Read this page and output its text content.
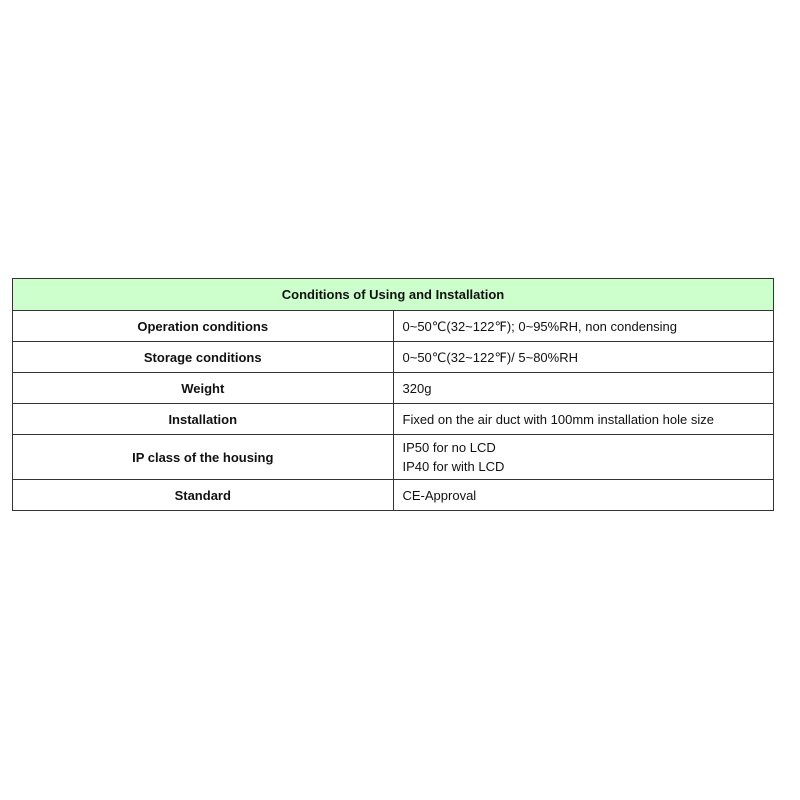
Conditions of Using and Installation	
Operation conditions	0~50℃(32~122℉); 0~95%RH, non condensing
Storage conditions	0~50℃(32~122℉)/ 5~80%RH
Weight	320g
Installation	Fixed on the air duct with 100mm installation hole size
IP class of the housing	IP50 for no LCD
IP40 for with LCD

Standard	CE-Approval
